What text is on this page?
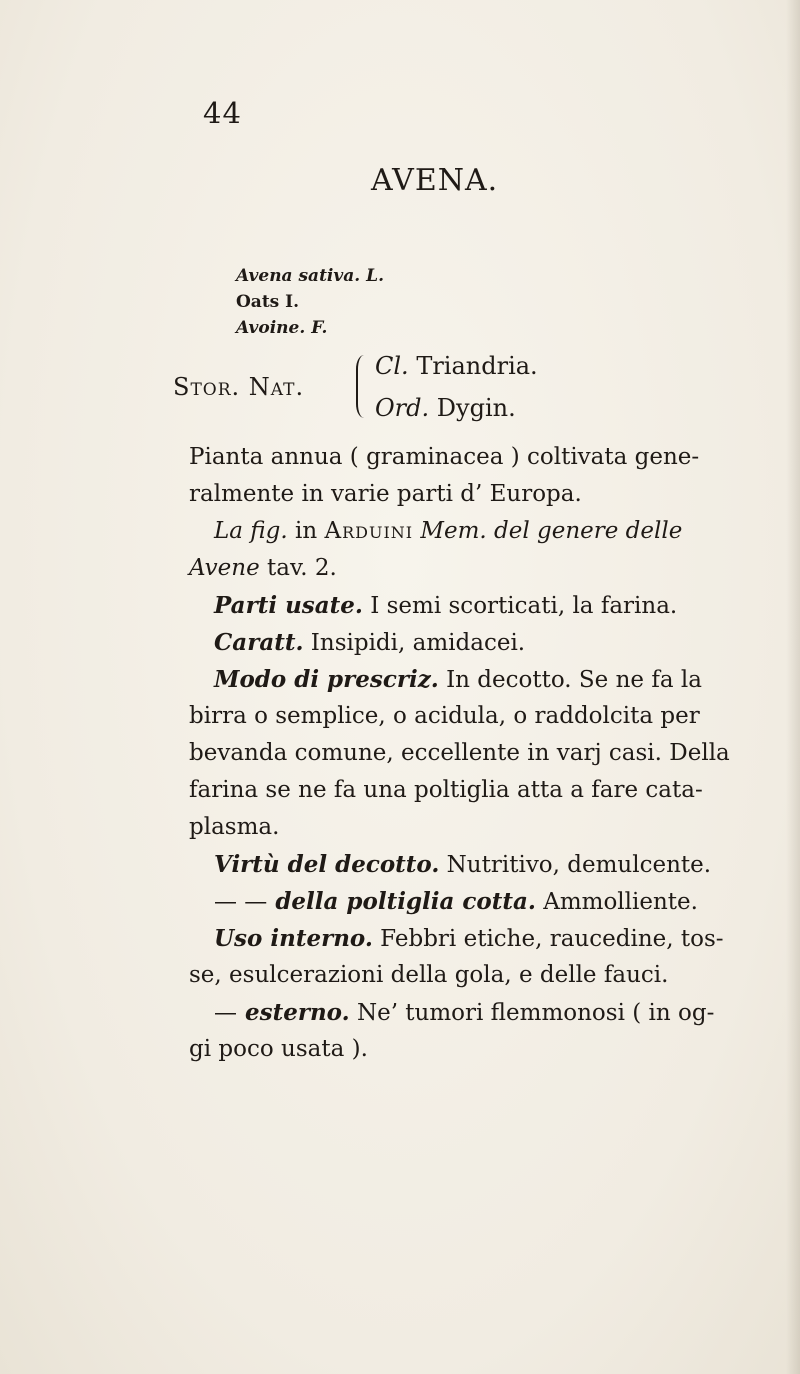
44
AVENA.
Avena sativa. L.
Oats I.
Avoine. F.
Stor. Nat.
Cl. Triandria.
Ord. Dygin.
Pianta annua ( graminacea ) coltivata gene-
ralmente in varie parti d’ Europa.
La fig. in Arduini Mem. del genere delle
Avene tav. 2.
Parti usate. I semi scorticati, la farina.
Caratt. Insipidi, amidacei.
Modo di prescriz. In decotto. Se ne fa la
birra o semplice, o acidula, o raddolcita per
bevanda comune, eccellente in varj casi. Della
farina se ne fa una poltiglia atta a fare cata-
plasma.
Virtù del decotto. Nutritivo, demulcente.
— — della poltiglia cotta. Ammolliente.
Uso interno. Febbri etiche, raucedine, tos-
se, esulcerazioni della gola, e delle fauci.
— esterno. Ne’ tumori flemmonosi ( in og-
gi poco usata ).
